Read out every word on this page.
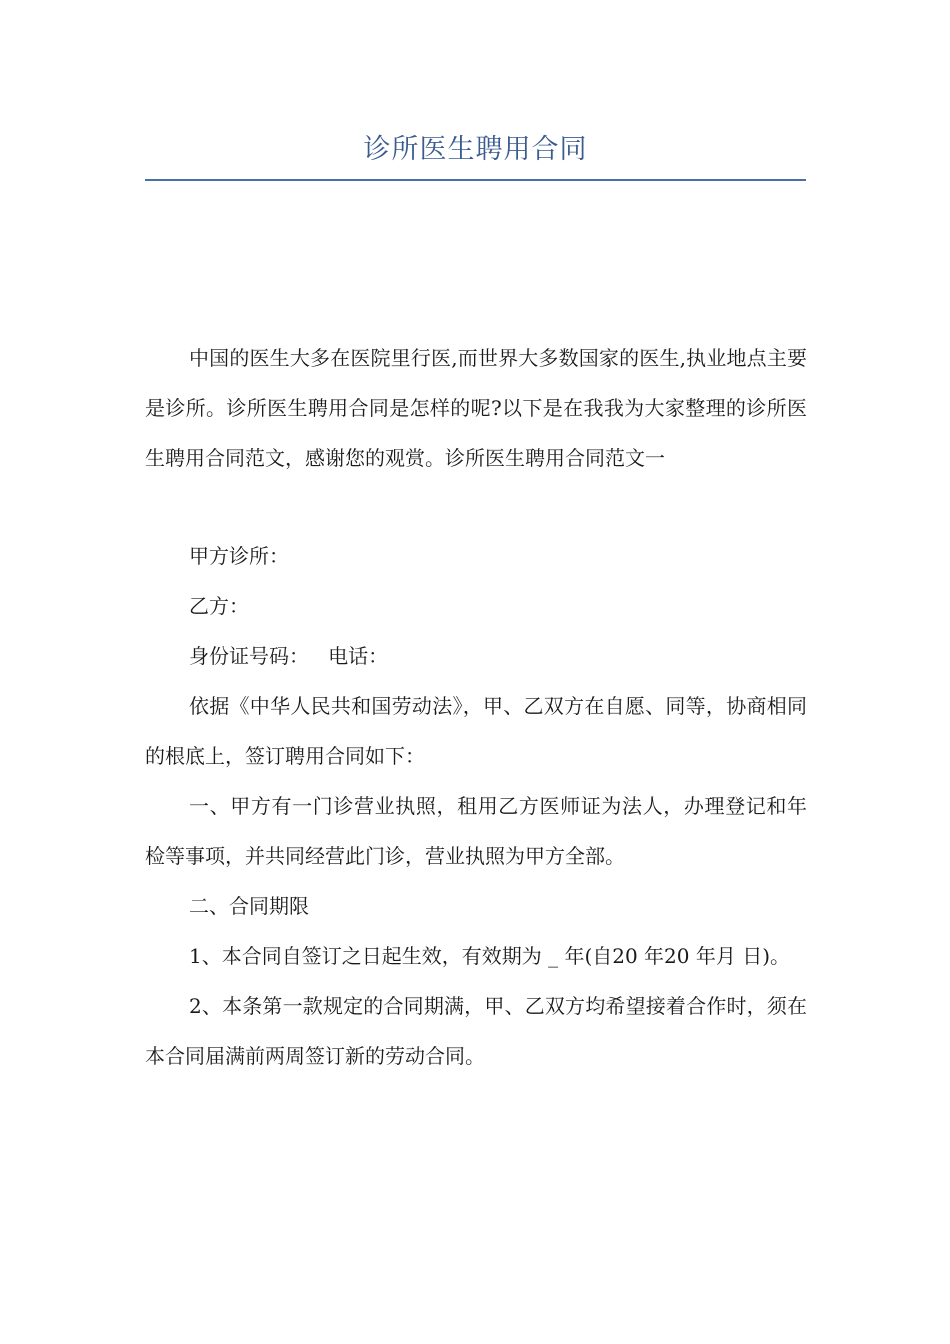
诊所医生聘用合同

中国的医生大多在医院里行医,而世界大多数国家的医生,执业地点主要是诊所。诊所医生聘用合同是怎样的呢?以下是在我我为大家整理的诊所医生聘用合同范文，感谢您的观赏。诊所医生聘用合同范文一

甲方诊所：

乙方：

身份证号码：   电话：

依据《中华人民共和国劳动法》，甲、乙双方在自愿、同等，协商相同的根底上，签订聘用合同如下：

一、甲方有一门诊营业执照，租用乙方医师证为法人，办理登记和年检等事项，并共同经营此门诊，营业执照为甲方全部。

二、合同期限

1、本合同自签订之日起生效，有效期为 _ 年(自20 年20 年月 日)。

2、本条第一款规定的合同期满，甲、乙双方均希望接着合作时，须在本合同届满前两周签订新的劳动合同。
